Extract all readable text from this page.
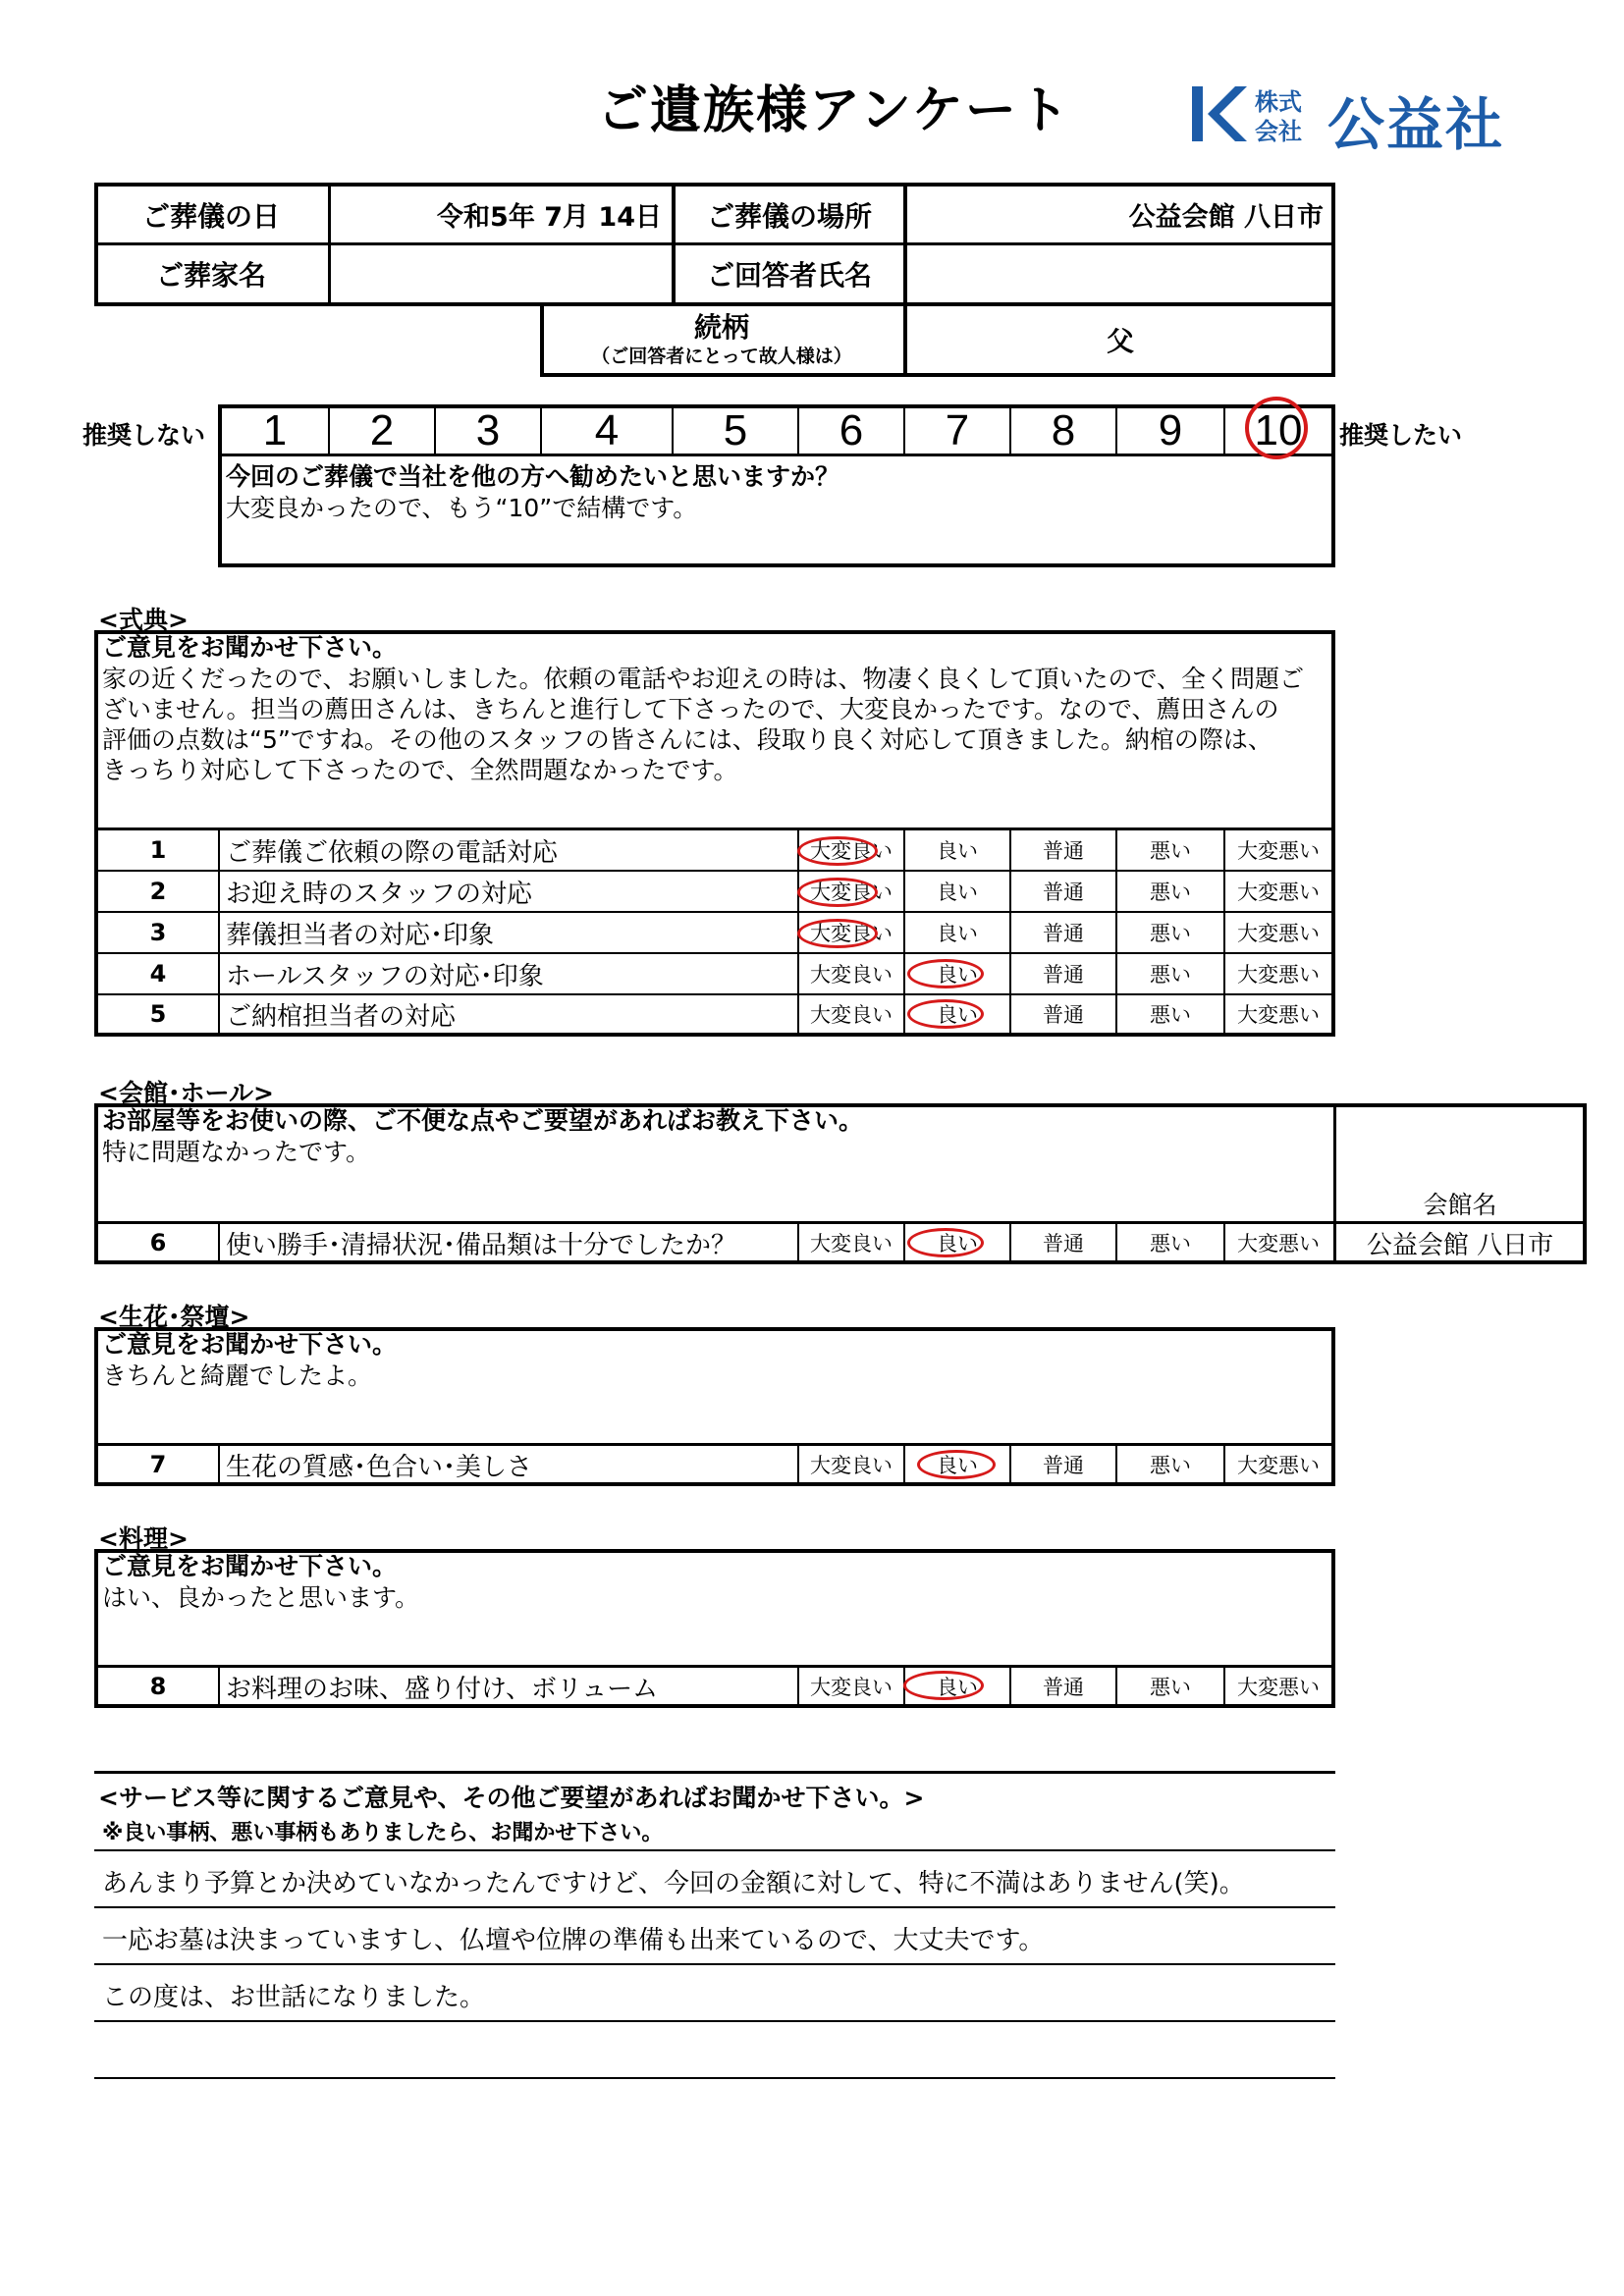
ご遺族様アンケート	株式
会社 公益社
ご葬儀の日	令和5年 7月 14日	ご葬儀の場所	公益会館 八日市
ご葬家名	ご回答者氏名
続柄
（ご回答者にとって故人様は）	父
推奨しない	推奨したい
1	2	3	4	5	6	7	8	9	10
今回のご葬儀で当社を他の方へ勧めたいと思いますか？
大変良かったので、もう“10”で結構です。
<式典>
ご意見をお聞かせ下さい。
家の近くだったので、お願いしました。依頼の電話やお迎えの時は、物凄く良くして頂いたので、全く問題ご
ざいません。担当の薦田さんは、きちんと進行して下さったので、大変良かったです。なので、薦田さんの
評価の点数は“5”ですね。その他のスタッフの皆さんには、段取り良く対応して頂きました。納棺の際は、
きっちり対応して下さったので、全然問題なかったです。
1	ご葬儀ご依頼の際の電話対応	大変良い	良い	普通	悪い	大変悪い
2	お迎え時のスタッフの対応	大変良い	良い	普通	悪い	大変悪い
3	葬儀担当者の対応･印象	大変良い	良い	普通	悪い	大変悪い
4	ホールスタッフの対応･印象	大変良い	良い	普通	悪い	大変悪い
5	ご納棺担当者の対応	大変良い	良い	普通	悪い	大変悪い
<会館･ホール>
お部屋等をお使いの際、ご不便な点やご要望があればお教え下さい。
特に問題なかったです。
会館名
公益会館 八日市
6	使い勝手･清掃状況･備品類は十分でしたか？	大変良い	良い	普通	悪い	大変悪い
<生花･祭壇>
ご意見をお聞かせ下さい。
きちんと綺麗でしたよ。
7	生花の質感･色合い･美しさ	大変良い	良い	普通	悪い	大変悪い
<料理>
ご意見をお聞かせ下さい。
はい、良かったと思います。
8	お料理のお味、盛り付け、ボリューム	大変良い	良い	普通	悪い	大変悪い
<サービス等に関するご意見や、その他ご要望があればお聞かせ下さい。>
※良い事柄、悪い事柄もありましたら、お聞かせ下さい。
あんまり予算とか決めていなかったんですけど、今回の金額に対して、特に不満はありません(笑)。
一応お墓は決まっていますし、仏壇や位牌の準備も出来ているので、大丈夫です。
この度は、お世話になりました。
